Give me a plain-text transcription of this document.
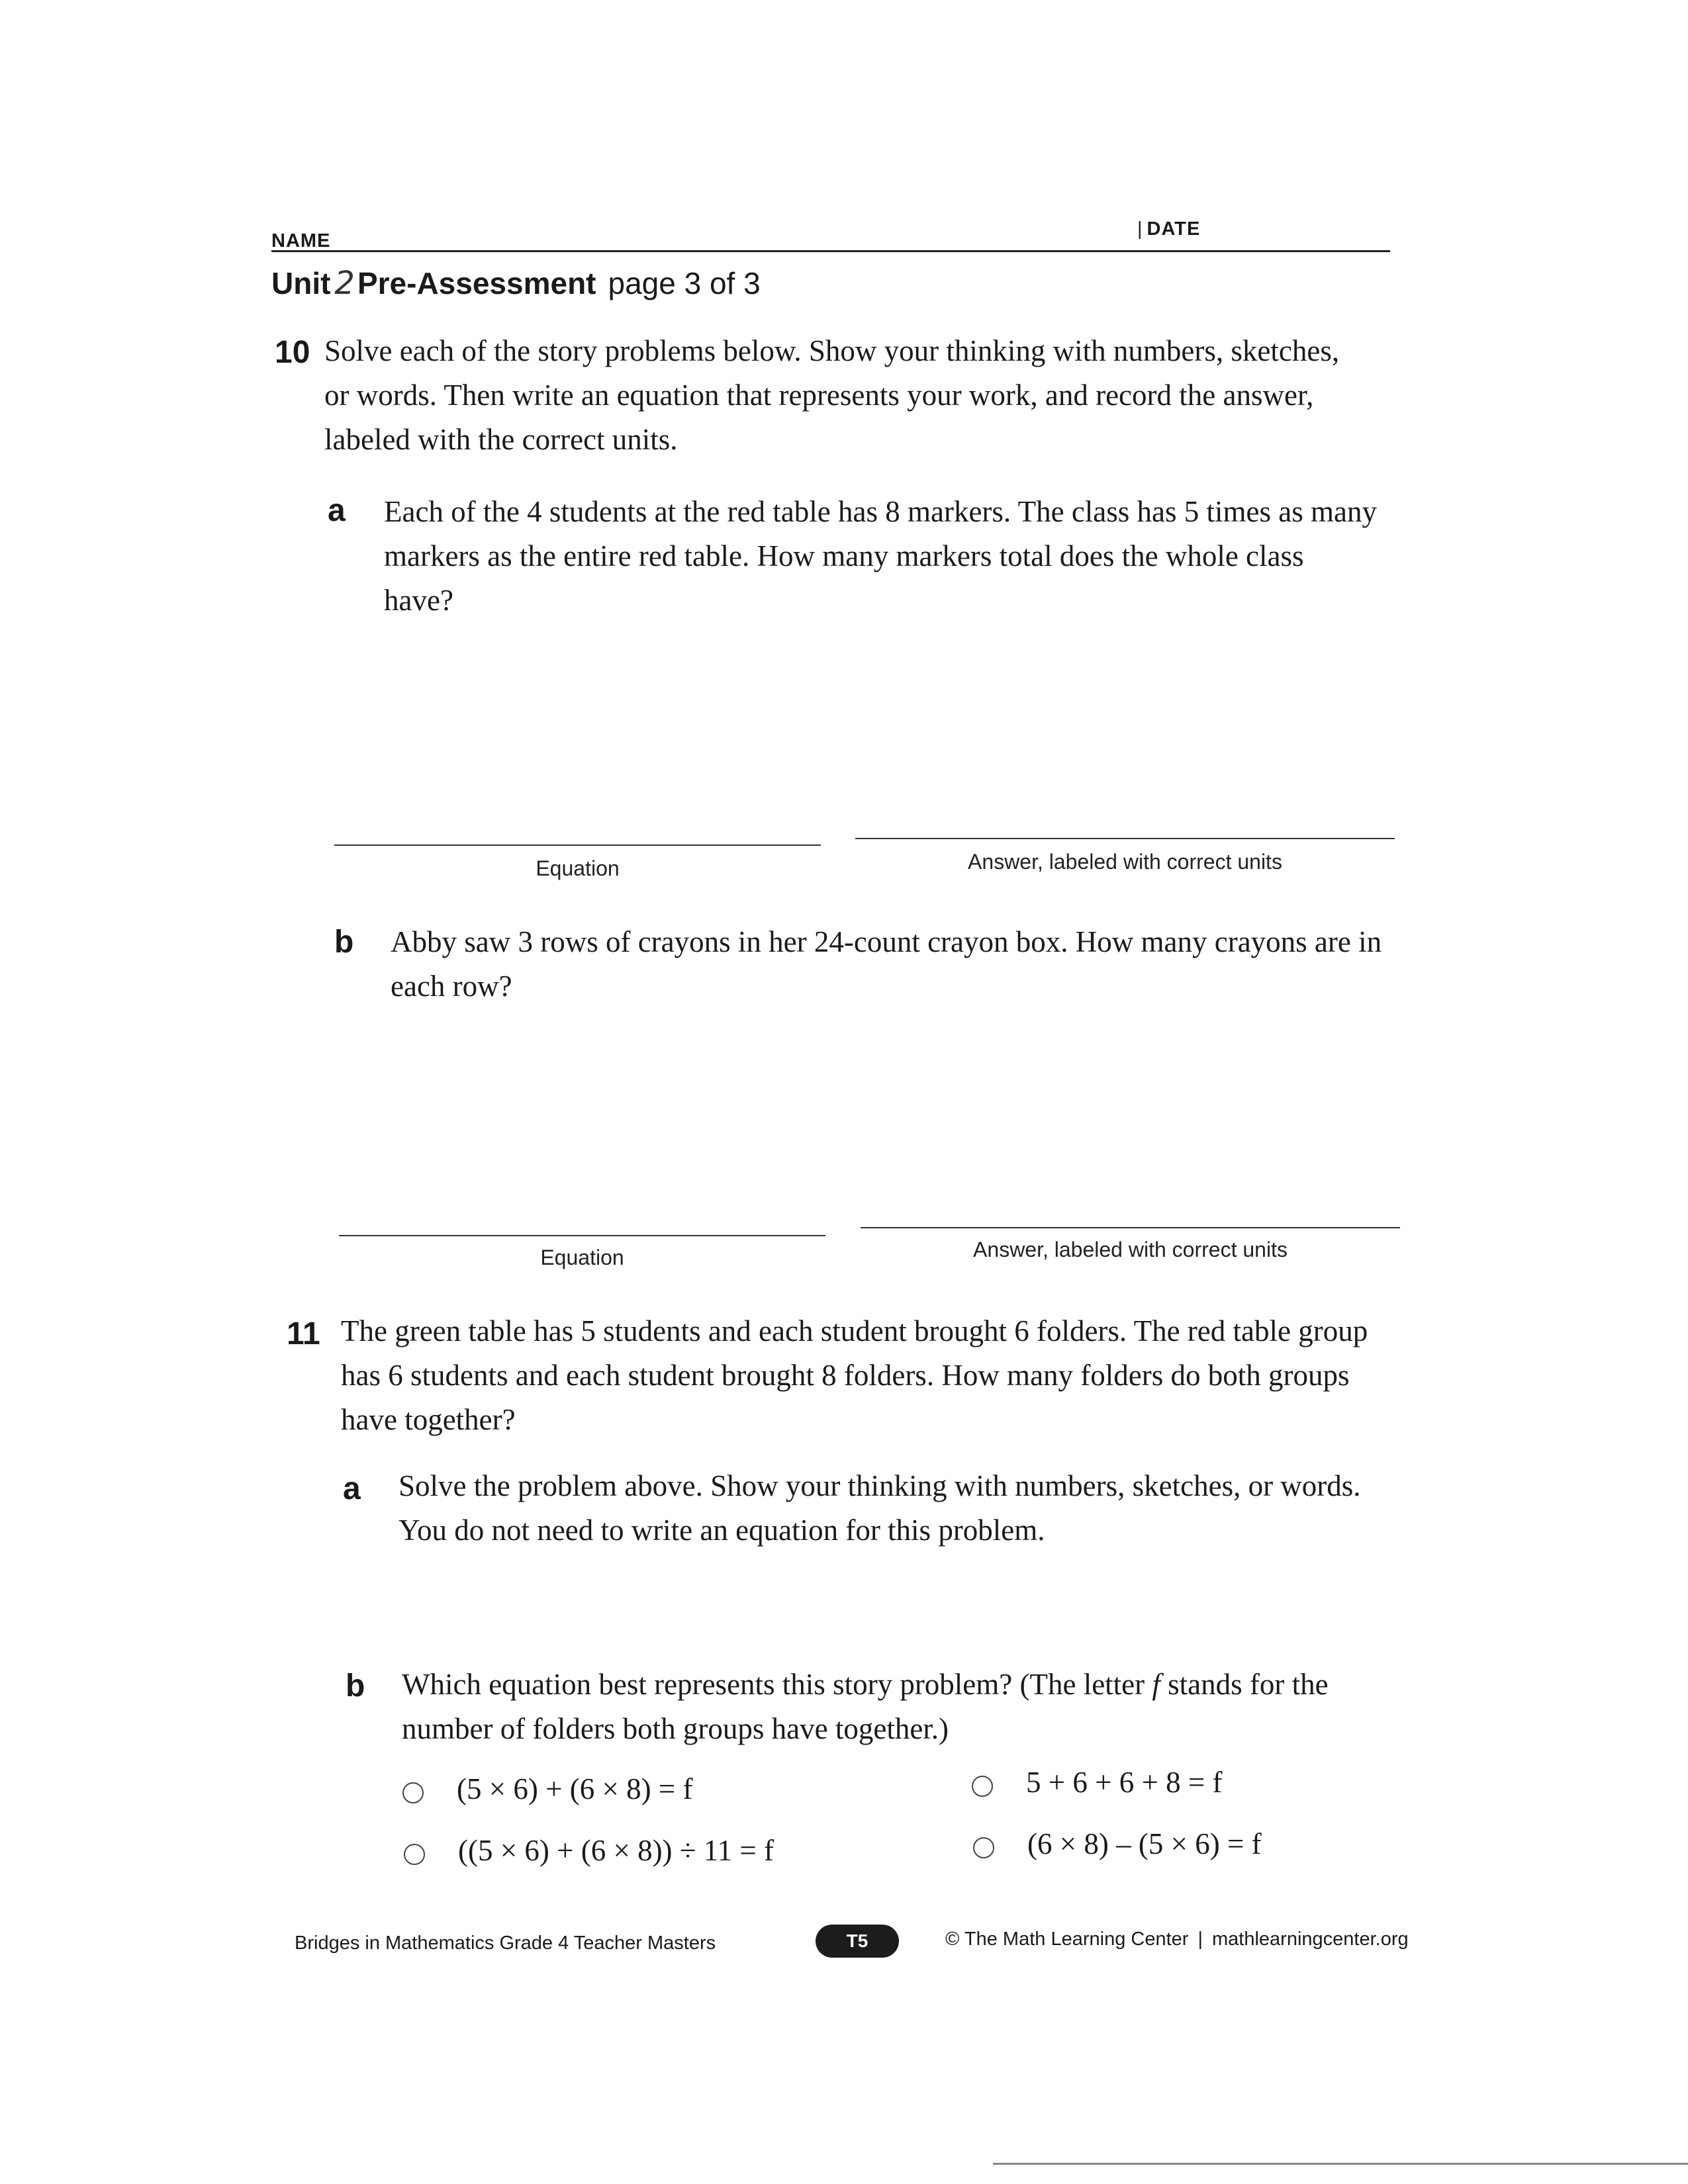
NAME
| DATE
Unit 2Pre-Assessment page 3 of 3
10 Solve each of the story problems below. Show your thinking with numbers, sketches, or words. Then write an equation that represents your work, and record the answer, labeled with the correct units.
a Each of the 4 students at the red table has 8 markers. The class has 5 times as many markers as the entire red table. How many markers total does the whole class have?
Equation	Answer, labeled with correct units
b Abby saw 3 rows of crayons in her 24-count crayon box. How many crayons are in each row?
Equation	Answer, labeled with correct units
11 The green table has 5 students and each student brought 6 folders. The red table group has 6 students and each student brought 8 folders. How many folders do both groups have together?
a Solve the problem above. Show your thinking with numbers, sketches, or words. You do not need to write an equation for this problem.
b Which equation best represents this story problem? (The letter f stands for the number of folders both groups have together.)
(5 × 6) + (6 × 8) = f	5 + 6 + 6 + 8 = f
((5 × 6) + (6 × 8)) ÷ 11 = f	(6 × 8) – (5 × 6) = f
Bridges in Mathematics Grade 4 Teacher Masters	T5	© The Math Learning Center | mathlearningcenter.org
